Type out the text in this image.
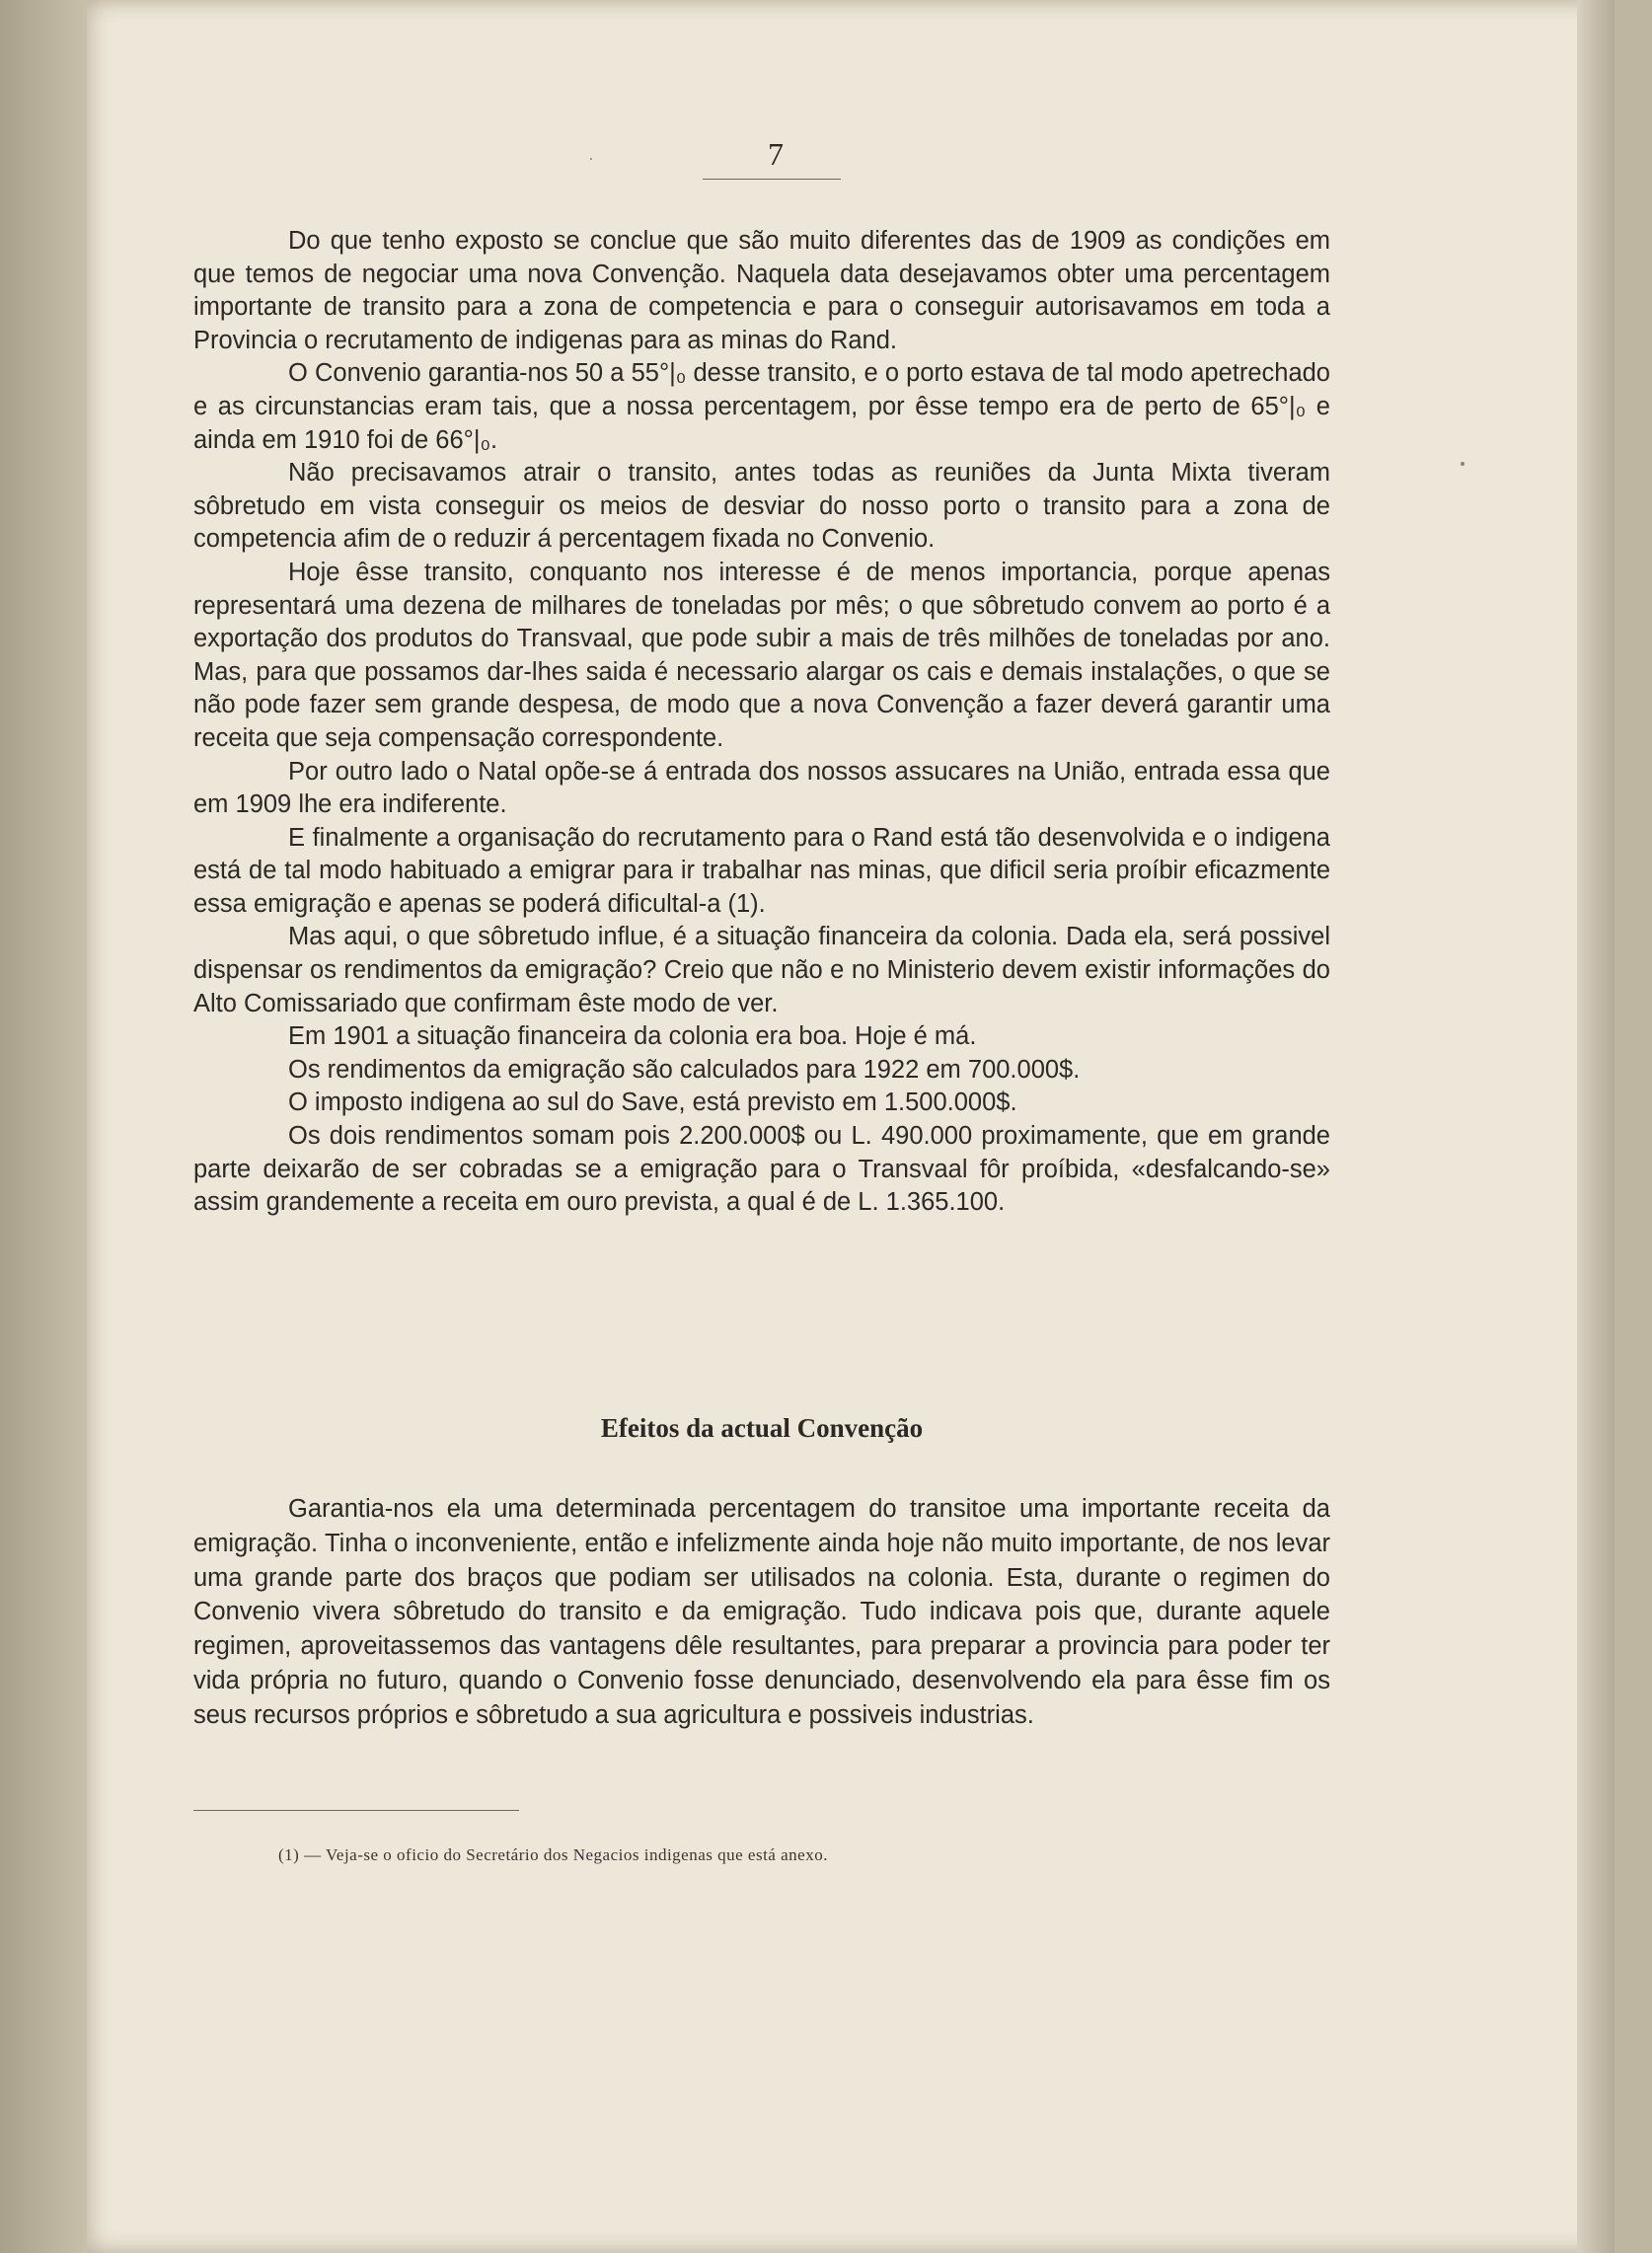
7

Do que tenho exposto se conclue que são muito diferentes das de 1909 as condições em que temos de negociar uma nova Convenção. Naquela data desejavamos obter uma percentagem importante de transito para a zona de competencia e para o conseguir autorisavamos em toda a Provincia o recrutamento de indigenas para as minas do Rand.

O Convenio garantia-nos 50 a 55°|₀ desse transito, e o porto estava de tal modo apetrechado e as circunstancias eram tais, que a nossa percentagem, por êsse tempo era de perto de 65°|₀ e ainda em 1910 foi de 66°|₀.

Não precisavamos atrair o transito, antes todas as reuniões da Junta Mixta tiveram sôbretudo em vista conseguir os meios de desviar do nosso porto o transito para a zona de competencia afim de o reduzir á percentagem fixada no Convenio.

Hoje êsse transito, conquanto nos interesse é de menos importancia, porque apenas representará uma dezena de milhares de toneladas por mês; o que sôbretudo convem ao porto é a exportação dos produtos do Transvaal, que pode subir a mais de três milhões de toneladas por ano. Mas, para que possamos dar-lhes saida é necessario alargar os cais e demais instalações, o que se não pode fazer sem grande despesa, de modo que a nova Convenção a fazer deverá garantir uma receita que seja compensação correspondente.

Por outro lado o Natal opõe-se á entrada dos nossos assucares na União, entrada essa que em 1909 lhe era indiferente.

E finalmente a organisação do recrutamento para o Rand está tão desenvolvida e o indigena está de tal modo habituado a emigrar para ir trabalhar nas minas, que dificil seria proíbir eficazmente essa emigração e apenas se poderá dificultal-a (1).

Mas aqui, o que sôbretudo influe, é a situação financeira da colonia. Dada ela, será possivel dispensar os rendimentos da emigração? Creio que não e no Ministerio devem existir informações do Alto Comissariado que confirmam êste modo de ver.

Em 1901 a situação financeira da colonia era boa. Hoje é má.

Os rendimentos da emigração são calculados para 1922 em 700.000$.

O imposto indigena ao sul do Save, está previsto em 1.500.000$.

Os dois rendimentos somam pois 2.200.000$ ou L. 490.000 proximamente, que em grande parte deixarão de ser cobradas se a emigração para o Transvaal fôr proíbida, «desfalcando-se» assim grandemente a receita em ouro prevista, a qual é de L. 1.365.100.

Efeitos da actual Convenção

Garantia-nos ela uma determinada percentagem do transitoe uma importante receita da emigração. Tinha o inconveniente, então e infelizmente ainda hoje não muito importante, de nos levar uma grande parte dos braços que podiam ser utilisados na colonia. Esta, durante o regimen do Convenio vivera sôbretudo do transito e da emigração. Tudo indicava pois que, durante aquele regimen, aproveitassemos das vantagens dêle resultantes, para preparar a provincia para poder ter vida própria no futuro, quando o Convenio fosse denunciado, desenvolvendo ela para êsse fim os seus recursos próprios e sôbretudo a sua agricultura e possiveis industrias.

(1) — Veja-se o oficio do Secretário dos Negacios indigenas que está anexo.
